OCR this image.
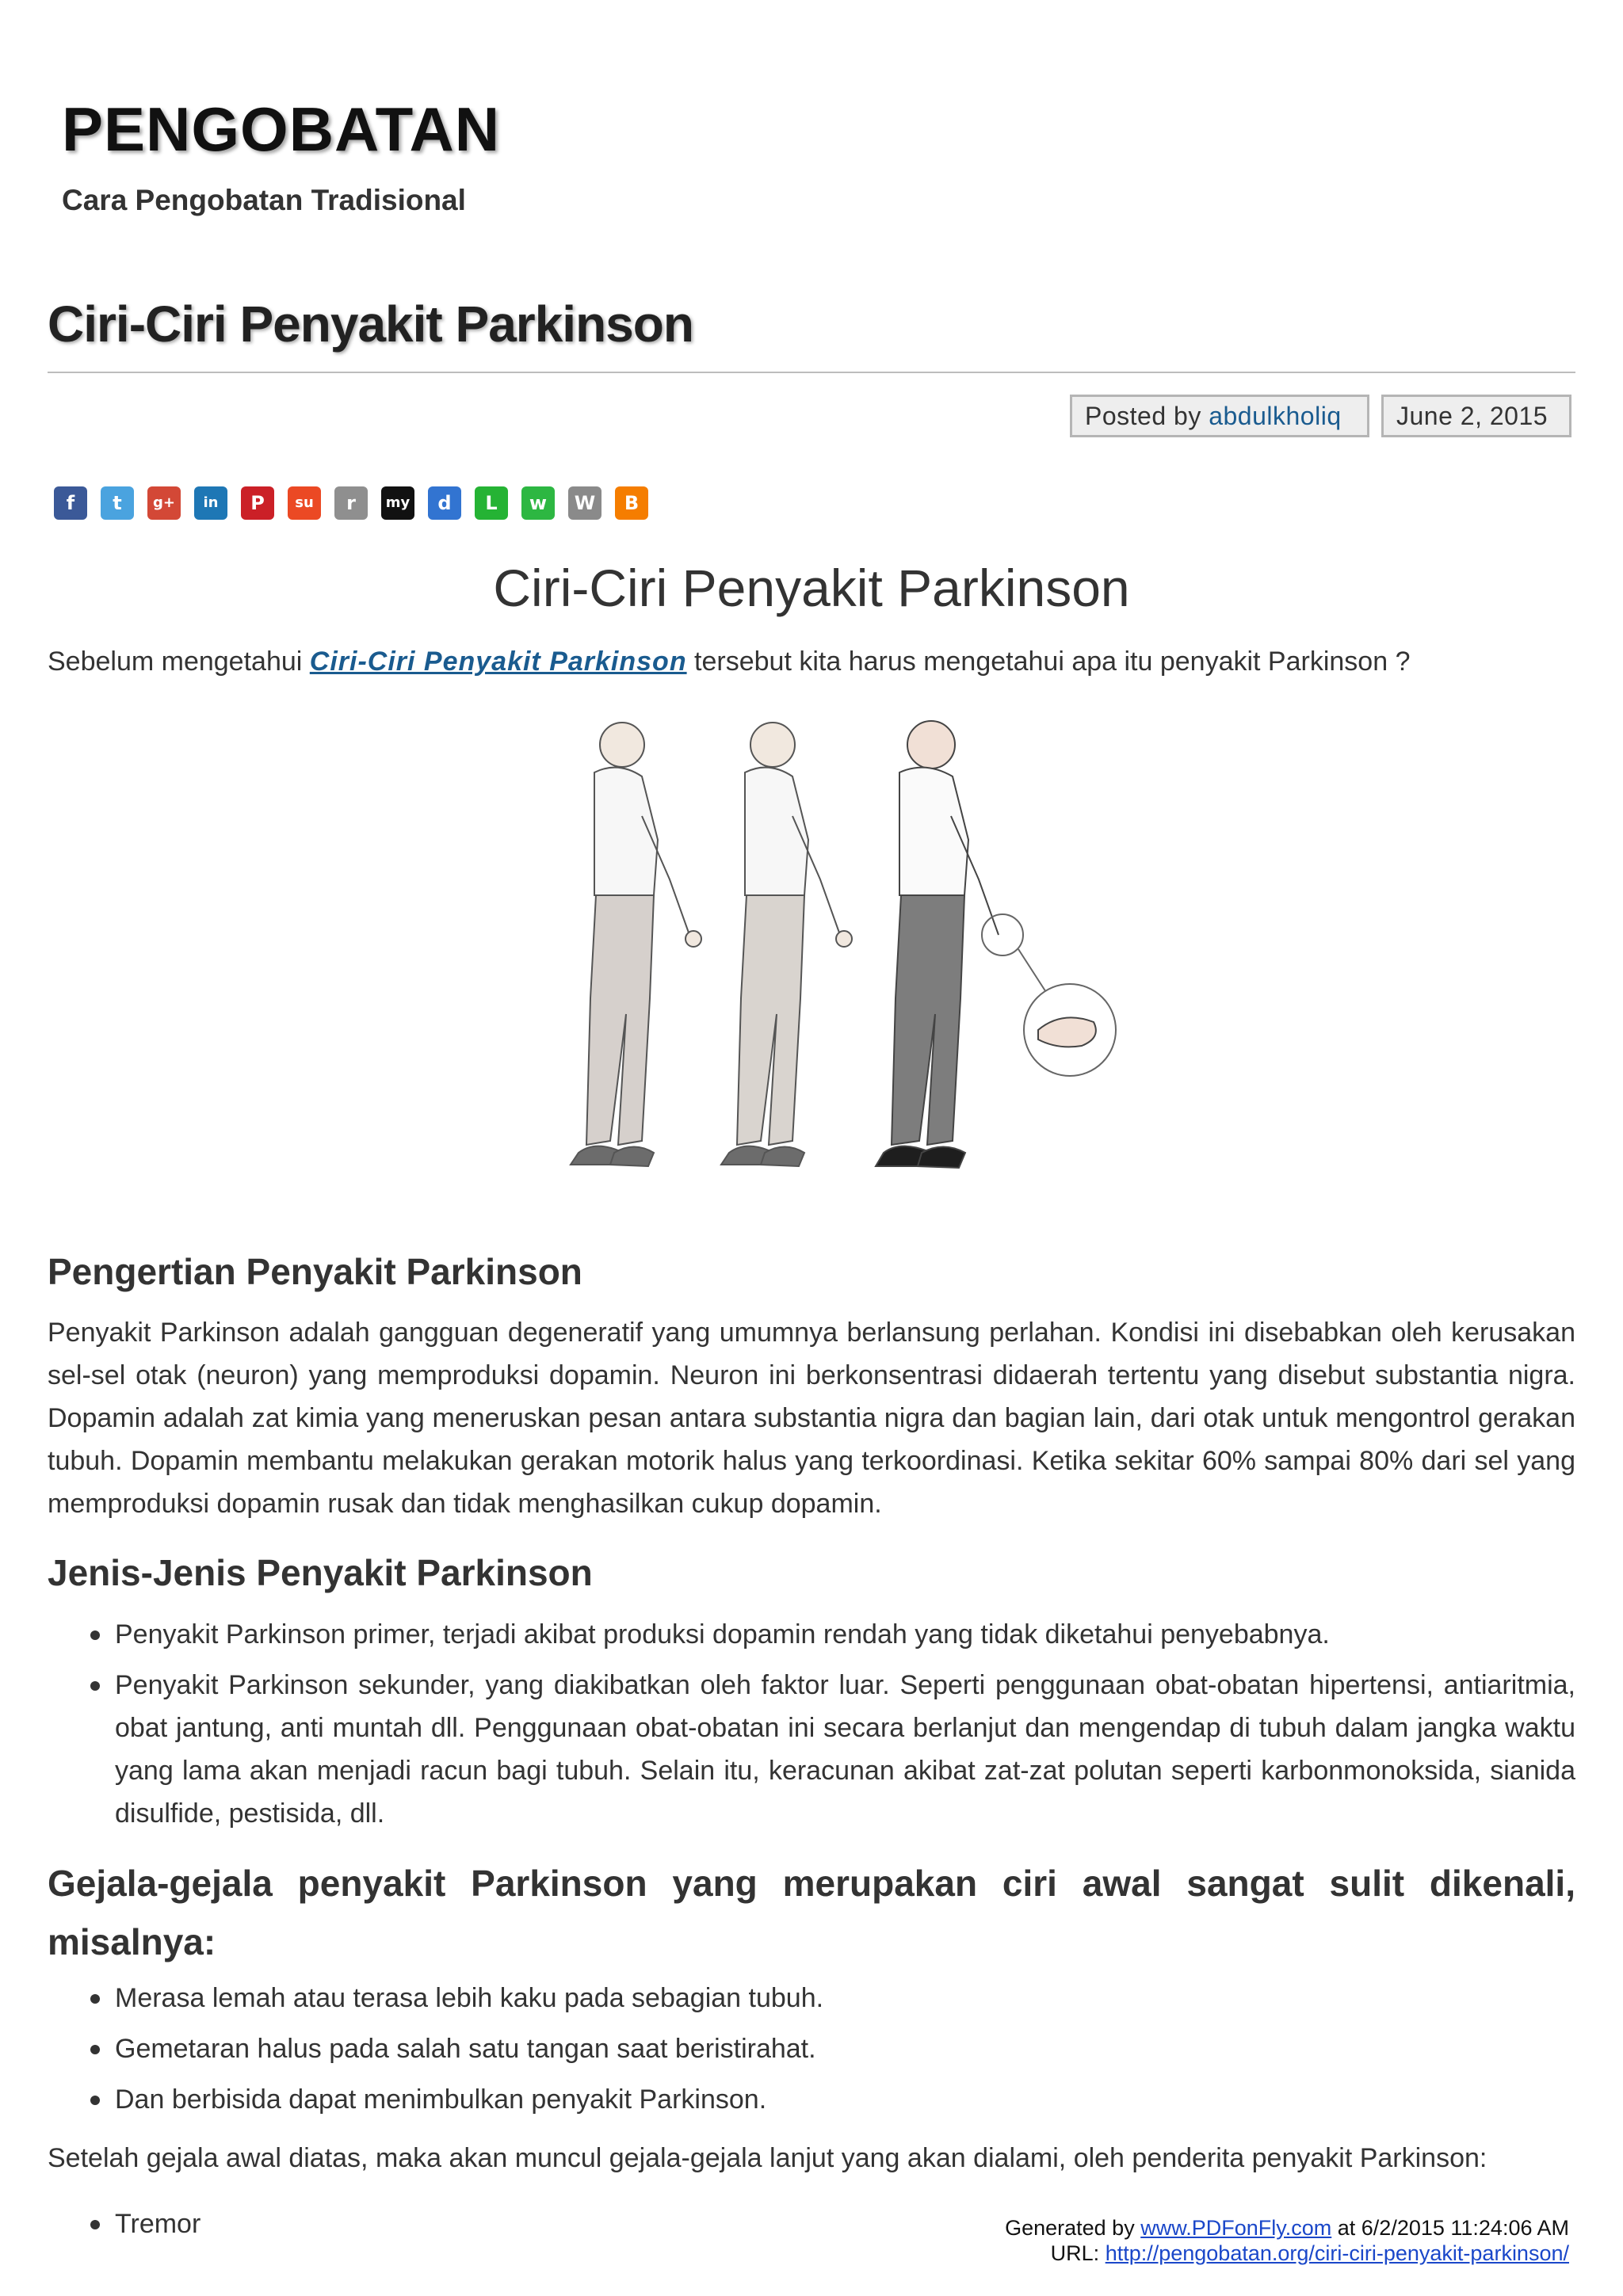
PENGOBATAN
Cara Pengobatan Tradisional
Ciri-Ciri Penyakit Parkinson
Posted by abdulkholiq	June 2, 2015
f	t	g+	in	P	su	r	my	d	L	w	W	B
Ciri-Ciri Penyakit Parkinson
Sebelum mengetahui Ciri-Ciri Penyakit Parkinson tersebut kita harus mengetahui apa itu penyakit Parkinson ?
Pengertian Penyakit Parkinson

Penyakit Parkinson adalah gangguan degeneratif yang umumnya berlansung perlahan. Kondisi ini disebabkan oleh kerusakan sel-sel otak (neuron) yang memproduksi dopamin. Neuron ini berkonsentrasi didaerah tertentu yang disebut substantia nigra. Dopamin adalah zat kimia yang meneruskan pesan antara substantia nigra dan bagian lain, dari otak untuk mengontrol gerakan tubuh. Dopamin membantu melakukan gerakan motorik halus yang terkoordinasi. Ketika sekitar 60% sampai 80% dari sel yang memproduksi dopamin rusak dan tidak menghasilkan cukup dopamin.

Jenis-Jenis Penyakit Parkinson
Penyakit Parkinson primer, terjadi akibat produksi dopamin rendah yang tidak diketahui penyebabnya.
Penyakit Parkinson sekunder, yang diakibatkan oleh faktor luar. Seperti penggunaan obat-obatan hipertensi, antiaritmia, obat jantung, anti muntah dll. Penggunaan obat-obatan ini secara berlanjut dan mengendap di tubuh dalam jangka waktu yang lama akan menjadi racun bagi tubuh. Selain itu, keracunan akibat zat-zat polutan seperti karbonmonoksida, sianida disulfide, pestisida, dll.
Gejala-gejala penyakit Parkinson yang merupakan ciri awal sangat sulit dikenali, misalnya:
Merasa lemah atau terasa lebih kaku pada sebagian tubuh.
Gemetaran halus pada salah satu tangan saat beristirahat.
Dan berbisida dapat menimbulkan penyakit Parkinson.

Setelah gejala awal diatas, maka akan muncul gejala-gejala lanjut yang akan dialami, oleh penderita penyakit Parkinson:

Tremor	Generated by www.PDFonFly.com at 6/2/2015 11:24:06 AM
URL: http://pengobatan.org/ciri-ciri-penyakit-parkinson/
